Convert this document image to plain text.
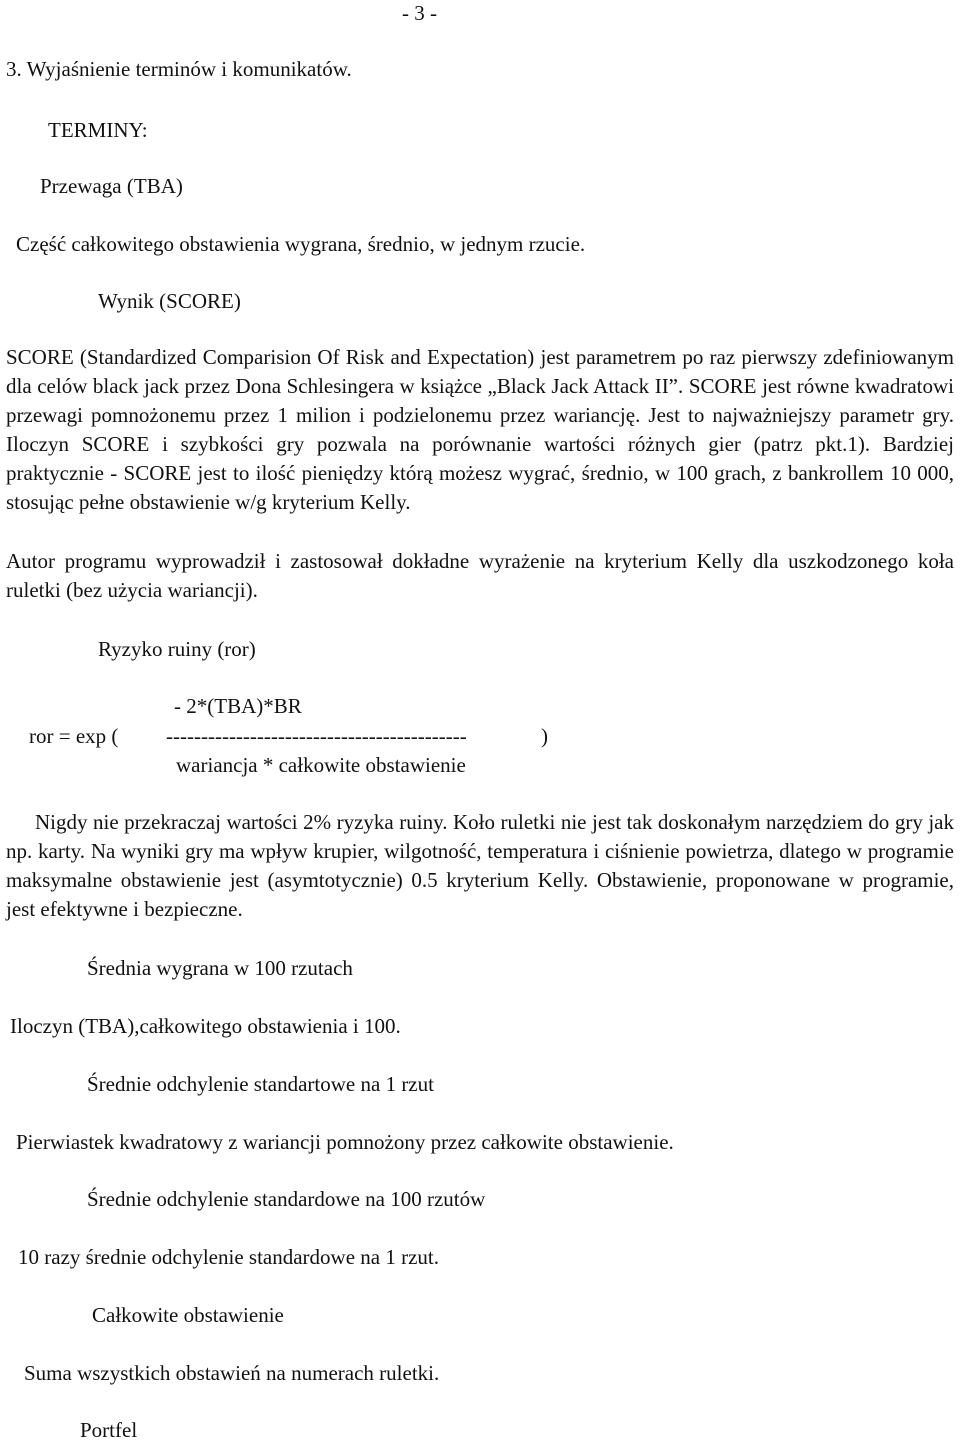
- 3 -
3. Wyjaśnienie terminów i komunikatów.
TERMINY:
Przewaga (TBA)
Część całkowitego obstawienia wygrana, średnio, w jednym rzucie.
Wynik (SCORE)
SCORE (Standardized Comparision Of Risk and Expectation) jest parametrem po raz pierwszy zdefiniowanym dla celów black jack przez Dona Schlesingera w książce „Black Jack Attack II”. SCORE jest równe kwadratowi przewagi pomnożonemu przez 1 milion i podzielonemu przez wariancję. Jest to najważniejszy parametr gry. Iloczyn SCORE i szybkości gry pozwala na porównanie wartości różnych gier (patrz pkt.1). Bardziej praktycznie - SCORE jest to ilość pieniędzy którą możesz wygrać, średnio, w 100 grach, z bankrollem 10 000, stosując pełne obstawienie w/g kryterium Kelly.
Autor programu wyprowadził i zastosował dokładne wyrażenie na kryterium Kelly dla uszkodzonego koła ruletki (bez użycia wariancji).
Ryzyko ruiny (ror)
- 2*(TBA)*BR
ror = exp ( -------------------------------------------	)
wariancja * całkowite obstawienie
Nigdy nie przekraczaj wartości 2% ryzyka ruiny. Koło ruletki nie jest tak doskonałym narzędziem do gry jak np. karty. Na wyniki gry ma wpływ krupier, wilgotność, temperatura i ciśnienie powietrza, dlatego w programie maksymalne obstawienie jest (asymtotycznie) 0.5 kryterium Kelly. Obstawienie, proponowane w programie, jest efektywne i bezpieczne.
Średnia wygrana w 100 rzutach
Iloczyn (TBA),całkowitego obstawienia i 100.
Średnie odchylenie standartowe na 1 rzut
Pierwiastek kwadratowy z wariancji pomnożony przez całkowite obstawienie.
Średnie odchylenie standardowe na 100 rzutów
10 razy średnie odchylenie standardowe na 1 rzut.
Całkowite obstawienie
Suma wszystkich obstawień na numerach ruletki.
Portfel
